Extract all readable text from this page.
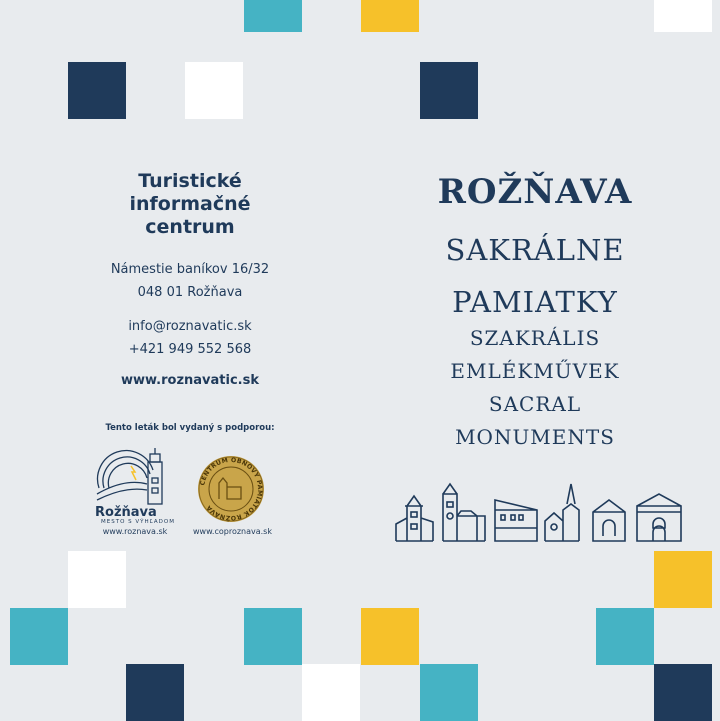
Turistické
informačné
centrum
Námestie baníkov 16/32
048 01 Rožňava
info@roznavatic.sk
+421 949 552 568
www.roznavatic.sk
Tento leták bol vydaný s podporou:
Rožňava
MESTO S VÝHĽADOM
www.roznava.sk
CENTRUM OBNOVY PAMIATOK ROŽŇAVA
www.coproznava.sk
ROŽŇAVA
SAKRÁLNE
PAMIATKY
SZAKRÁLIS
EMLÉKMŰVEK
SACRAL
MONUMENTS
